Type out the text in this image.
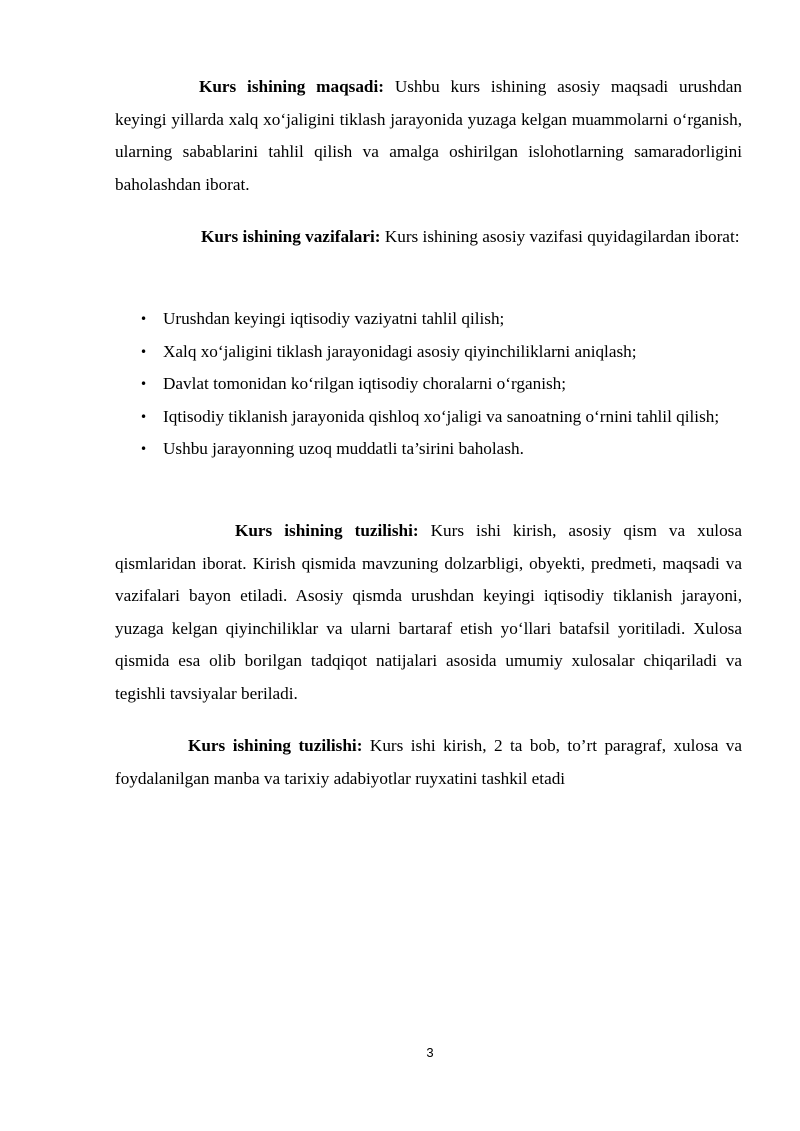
Kurs ishining maqsadi: Ushbu kurs ishining asosiy maqsadi urushdan keyingi yillarda xalq xo‘jaligini tiklash jarayonida yuzaga kelgan muammolarni o‘rganish, ularning sabablarini tahlil qilish va amalga oshirilgan islohotlarning samaradorligini baholashdan iborat.

Kurs ishining vazifalari: Kurs ishining asosiy vazifasi quyidagilardan iborat:

• Urushdan keyingi iqtisodiy vaziyatni tahlil qilish;
• Xalq xo‘jaligini tiklash jarayonidagi asosiy qiyinchiliklarni aniqlash;
• Davlat tomonidan ko‘rilgan iqtisodiy choralarni o‘rganish;
• Iqtisodiy tiklanish jarayonida qishloq xo‘jaligi va sanoatning o‘rnini tahlil qilish;
• Ushbu jarayonning uzoq muddatli ta’sirini baholash.

Kurs ishining tuzilishi: Kurs ishi kirish, asosiy qism va xulosa qismlaridan iborat. Kirish qismida mavzuning dolzarbligi, obyekti, predmeti, maqsadi va vazifalari bayon etiladi. Asosiy qismda urushdan keyingi iqtisodiy tiklanish jarayoni, yuzaga kelgan qiyinchiliklar va ularni bartaraf etish yo‘llari batafsil yoritiladi. Xulosa qismida esa olib borilgan tadqiqot natijalari asosida umumiy xulosalar chiqariladi va tegishli tavsiyalar beriladi.

Kurs ishining tuzilishi: Kurs ishi kirish, 2 ta bob, to’rt paragraf, xulosa va foydalanilgan manba va tarixiy adabiyotlar ruyxatini tashkil etadi

3
